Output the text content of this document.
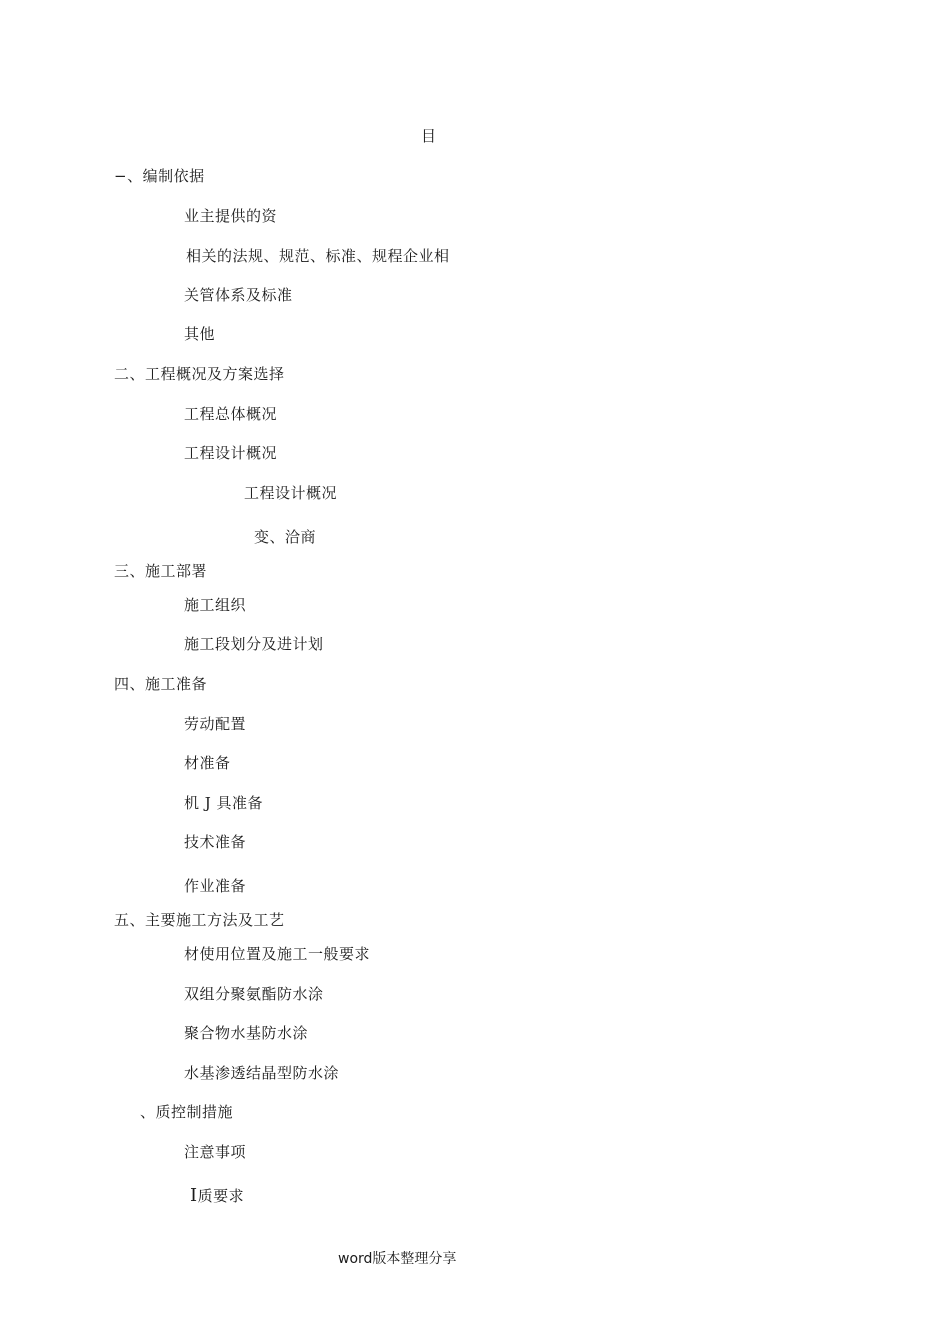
目
−、编制依据
业主提供的资
相关的法规、规范、标准、规程企业相
关管体系及标准
其他
二、工程概况及方案选择
工程总体概况
工程设计概况
工程设计概况
变、洽商
三、施工部署
施工组织
施工段划分及进计划
四、施工准备
劳动配置
材准备
机 J 具准备
技术准备
作业准备
五、主要施工方法及工艺
材使用位置及施工一般要求
双组分聚氨酯防水涂
聚合物水基防水涂
水基渗透结晶型防水涂
、质控制措施
注意事项
I质要求
word版本整理分享
